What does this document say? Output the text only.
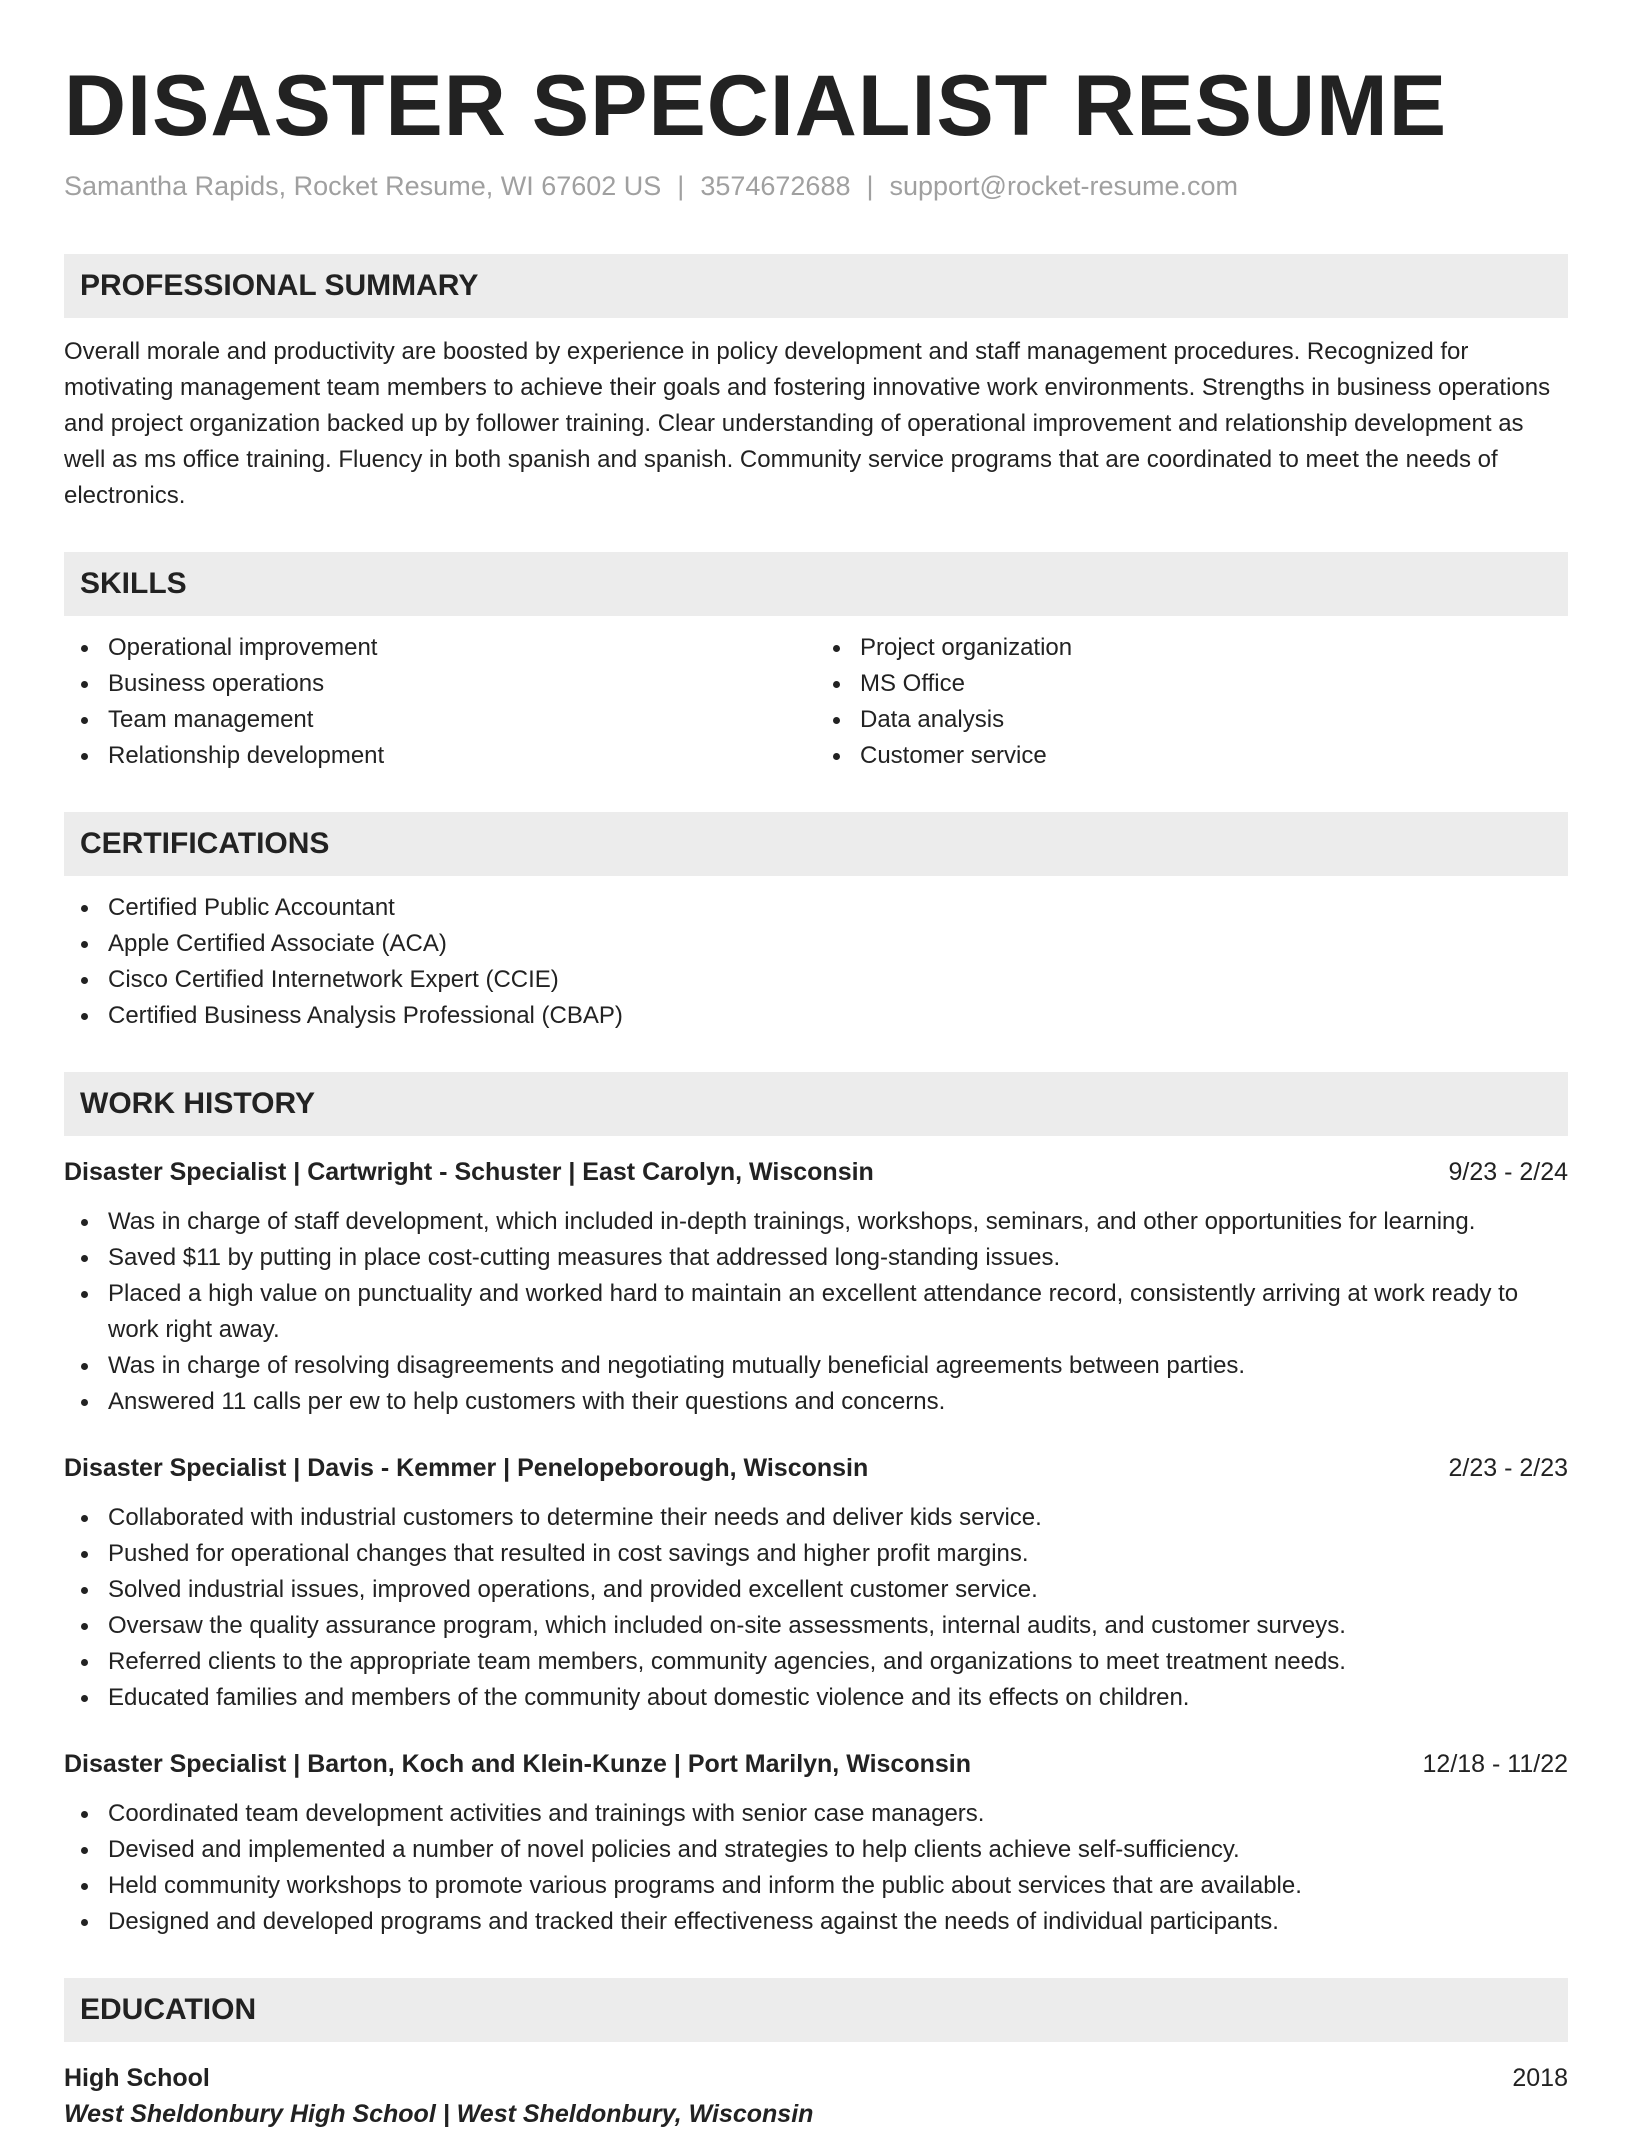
DISASTER SPECIALIST RESUME
Samantha Rapids, Rocket Resume, WI 67602 US | 3574672688 | support@rocket-resume.com
PROFESSIONAL SUMMARY

Overall morale and productivity are boosted by experience in policy development and staff management procedures. Recognized for motivating management team members to achieve their goals and fostering innovative work environments. Strengths in business operations and project organization backed up by follower training. Clear understanding of operational improvement and relationship development as well as ms office training. Fluency in both spanish and spanish. Community service programs that are coordinated to meet the needs of electronics.

SKILLS
Operational improvement
Business operations
Team management
Relationship development
Project organization
MS Office
Data analysis
Customer service
CERTIFICATIONS
Certified Public Accountant
Apple Certified Associate (ACA)
Cisco Certified Internetwork Expert (CCIE)
Certified Business Analysis Professional (CBAP)
WORK HISTORY
Disaster Specialist | Cartwright - Schuster | East Carolyn, Wisconsin	9/23 - 2/24
Was in charge of staff development, which included in-depth trainings, workshops, seminars, and other opportunities for learning.
Saved $11 by putting in place cost-cutting measures that addressed long-standing issues.
Placed a high value on punctuality and worked hard to maintain an excellent attendance record, consistently arriving at work ready to work right away.
Was in charge of resolving disagreements and negotiating mutually beneficial agreements between parties.
Answered 11 calls per ew to help customers with their questions and concerns.
Disaster Specialist | Davis - Kemmer | Penelopeborough, Wisconsin	2/23 - 2/23
Collaborated with industrial customers to determine their needs and deliver kids service.
Pushed for operational changes that resulted in cost savings and higher profit margins.
Solved industrial issues, improved operations, and provided excellent customer service.
Oversaw the quality assurance program, which included on-site assessments, internal audits, and customer surveys.
Referred clients to the appropriate team members, community agencies, and organizations to meet treatment needs.
Educated families and members of the community about domestic violence and its effects on children.
Disaster Specialist | Barton, Koch and Klein-Kunze | Port Marilyn, Wisconsin	12/18 - 11/22
Coordinated team development activities and trainings with senior case managers.
Devised and implemented a number of novel policies and strategies to help clients achieve self-sufficiency.
Held community workshops to promote various programs and inform the public about services that are available.
Designed and developed programs and tracked their effectiveness against the needs of individual participants.
EDUCATION
High School	2018
West Sheldonbury High School | West Sheldonbury, Wisconsin
